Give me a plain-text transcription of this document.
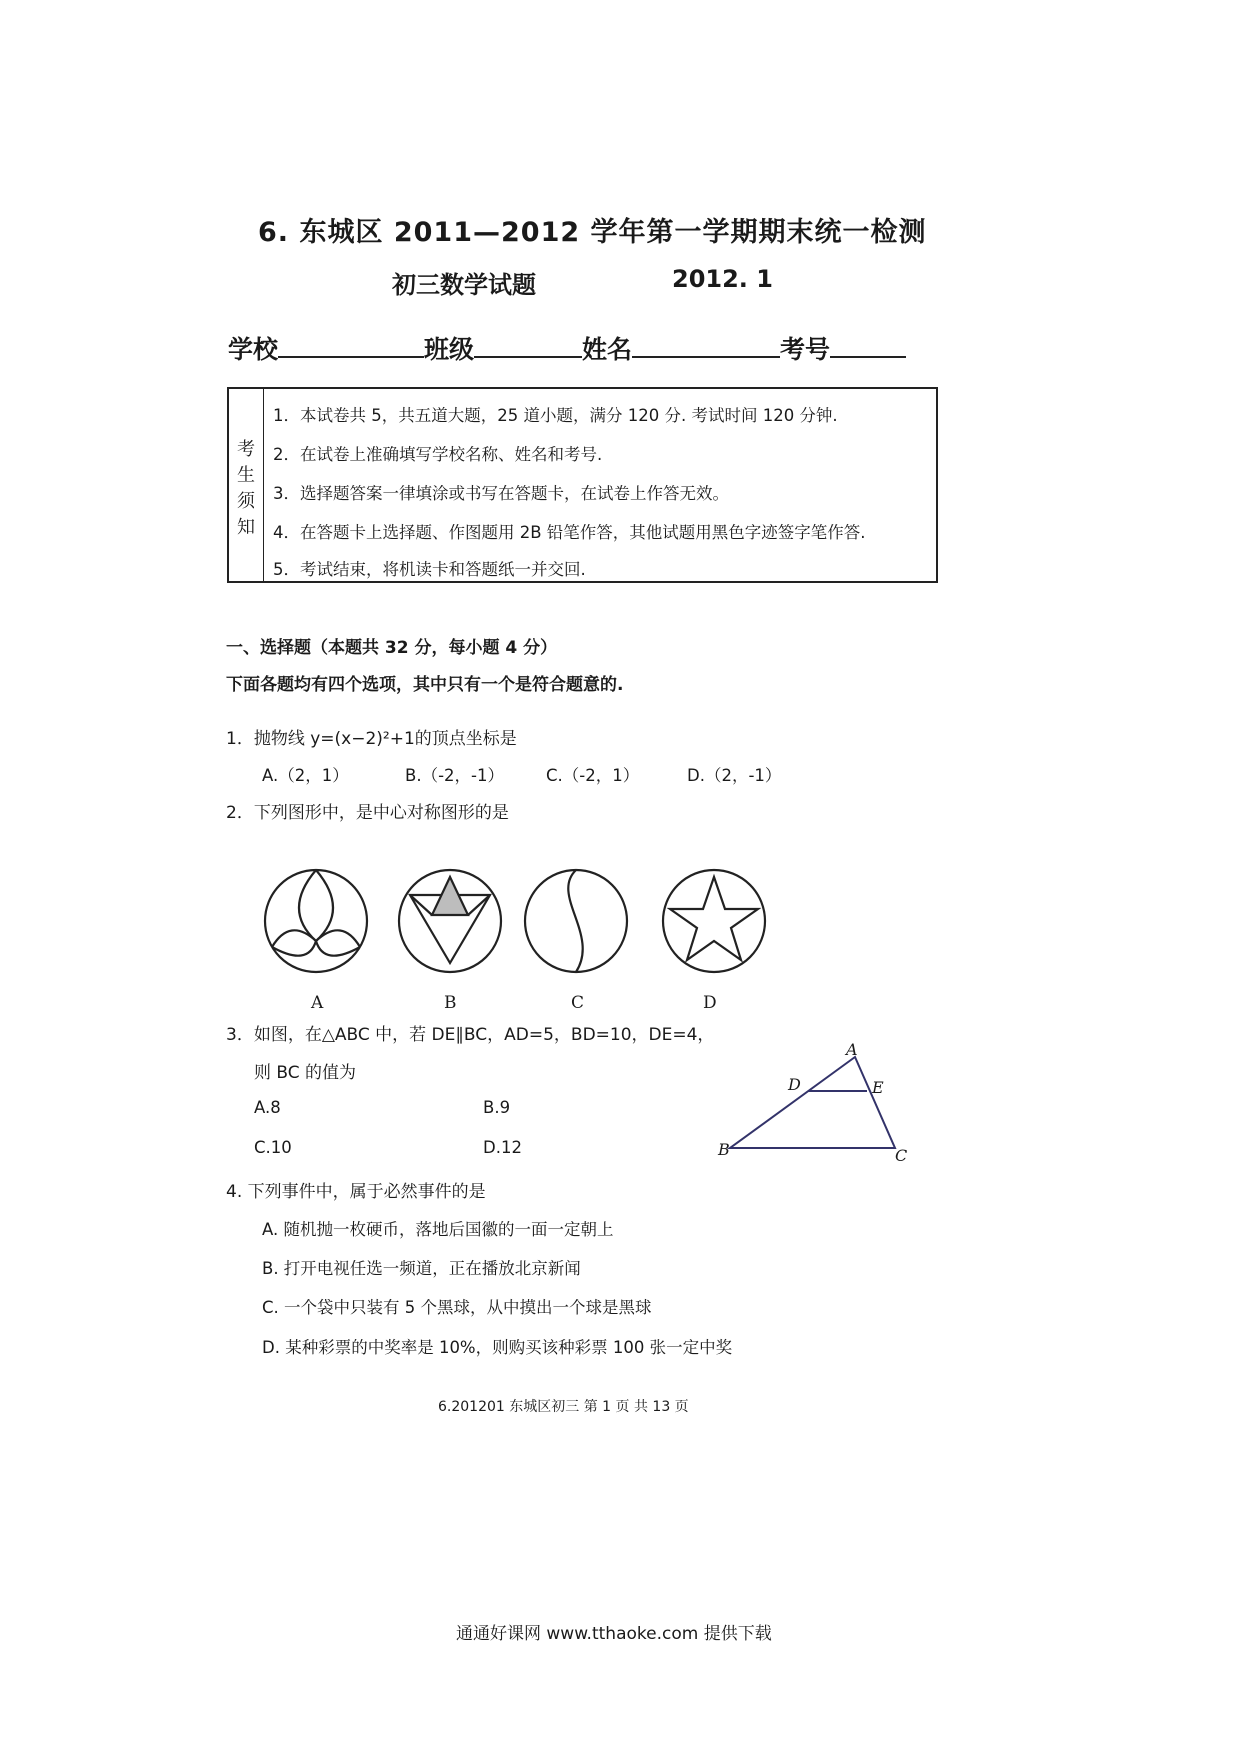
6. 东城区 2011—2012 学年第一学期期末统一检测
初三数学试题	2012. 1
学校	班级	姓名	考号
考生须知
1．本试卷共 5，共五道大题，25 道小题，满分 120 分. 考试时间 120 分钟.
2．在试卷上准确填写学校名称、姓名和考号.
3．选择题答案一律填涂或书写在答题卡，在试卷上作答无效。
4．在答题卡上选择题、作图题用 2B 铅笔作答，其他试题用黑色字迹签字笔作答.
5．考试结束，将机读卡和答题纸一并交回.
一、选择题（本题共 32 分，每小题 4 分）
下面各题均有四个选项，其中只有一个是符合题意的.
1．抛物线 y=(x−2)²+1的顶点坐标是
A.（2，1）	B.（-2，-1）	C.（-2，1）	D.（2，-1）
2．下列图形中，是中心对称图形的是
A	B	C	D
3．如图，在△ABC 中，若 DE∥BC，AD=5，BD=10，DE=4，
则 BC 的值为
A.8	B.9
C.10	D.12
A
D	E
B	C
4. 下列事件中，属于必然事件的是
A. 随机抛一枚硬币，落地后国徽的一面一定朝上
B. 打开电视任选一频道，正在播放北京新闻
C. 一个袋中只装有 5 个黑球，从中摸出一个球是黑球
D. 某种彩票的中奖率是 10%，则购买该种彩票 100 张一定中奖
6.201201 东城区初三 第 1 页 共 13 页
通通好课网 www.tthaoke.com 提供下载
